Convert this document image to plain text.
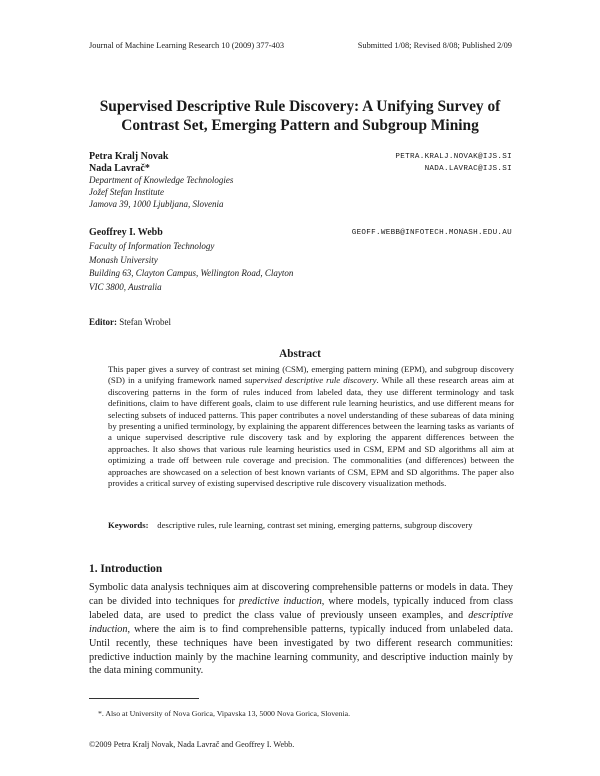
Journal of Machine Learning Research 10 (2009) 377-403	Submitted 1/08; Revised 8/08; Published 2/09
Supervised Descriptive Rule Discovery: A Unifying Survey of
Contrast Set, Emerging Pattern and Subgroup Mining
Petra Kralj Novak	PETRA.KRALJ.NOVAK@IJS.SI
Nada Lavrač*	NADA.LAVRAC@IJS.SI
Department of Knowledge Technologies
Jožef Stefan Institute
Jamova 39, 1000 Ljubljana, Slovenia
Geoffrey I. Webb	GEOFF.WEBB@INFOTECH.MONASH.EDU.AU
Faculty of Information Technology
Monash University
Building 63, Clayton Campus, Wellington Road, Clayton
VIC 3800, Australia
Editor: Stefan Wrobel
Abstract

This paper gives a survey of contrast set mining (CSM), emerging pattern mining (EPM), and subgroup discovery (SD) in a unifying framework named supervised descriptive rule discovery. While all these research areas aim at discovering patterns in the form of rules induced from labeled data, they use different terminology and task definitions, claim to have different goals, claim to use different rule learning heuristics, and use different means for selecting subsets of induced patterns. This paper contributes a novel understanding of these subareas of data mining by presenting a unified terminology, by explaining the apparent differences between the learning tasks as variants of a unique supervised descriptive rule discovery task and by exploring the apparent differences between the approaches. It also shows that various rule learning heuristics used in CSM, EPM and SD algorithms all aim at optimizing a trade off between rule coverage and precision. The commonalities (and differences) between the approaches are showcased on a selection of best known variants of CSM, EPM and SD algorithms. The paper also provides a critical survey of existing supervised descriptive rule discovery visualization methods.

Keywords: descriptive rules, rule learning, contrast set mining, emerging patterns, subgroup discovery
1. Introduction

Symbolic data analysis techniques aim at discovering comprehensible patterns or models in data. They can be divided into techniques for predictive induction, where models, typically induced from class labeled data, are used to predict the class value of previously unseen examples, and descriptive induction, where the aim is to find comprehensible patterns, typically induced from unlabeled data. Until recently, these techniques have been investigated by two different research communities: predictive induction mainly by the machine learning community, and descriptive induction mainly by the data mining community.

*. Also at University of Nova Gorica, Vipavska 13, 5000 Nova Gorica, Slovenia.
©2009 Petra Kralj Novak, Nada Lavrač and Geoffrey I. Webb.
